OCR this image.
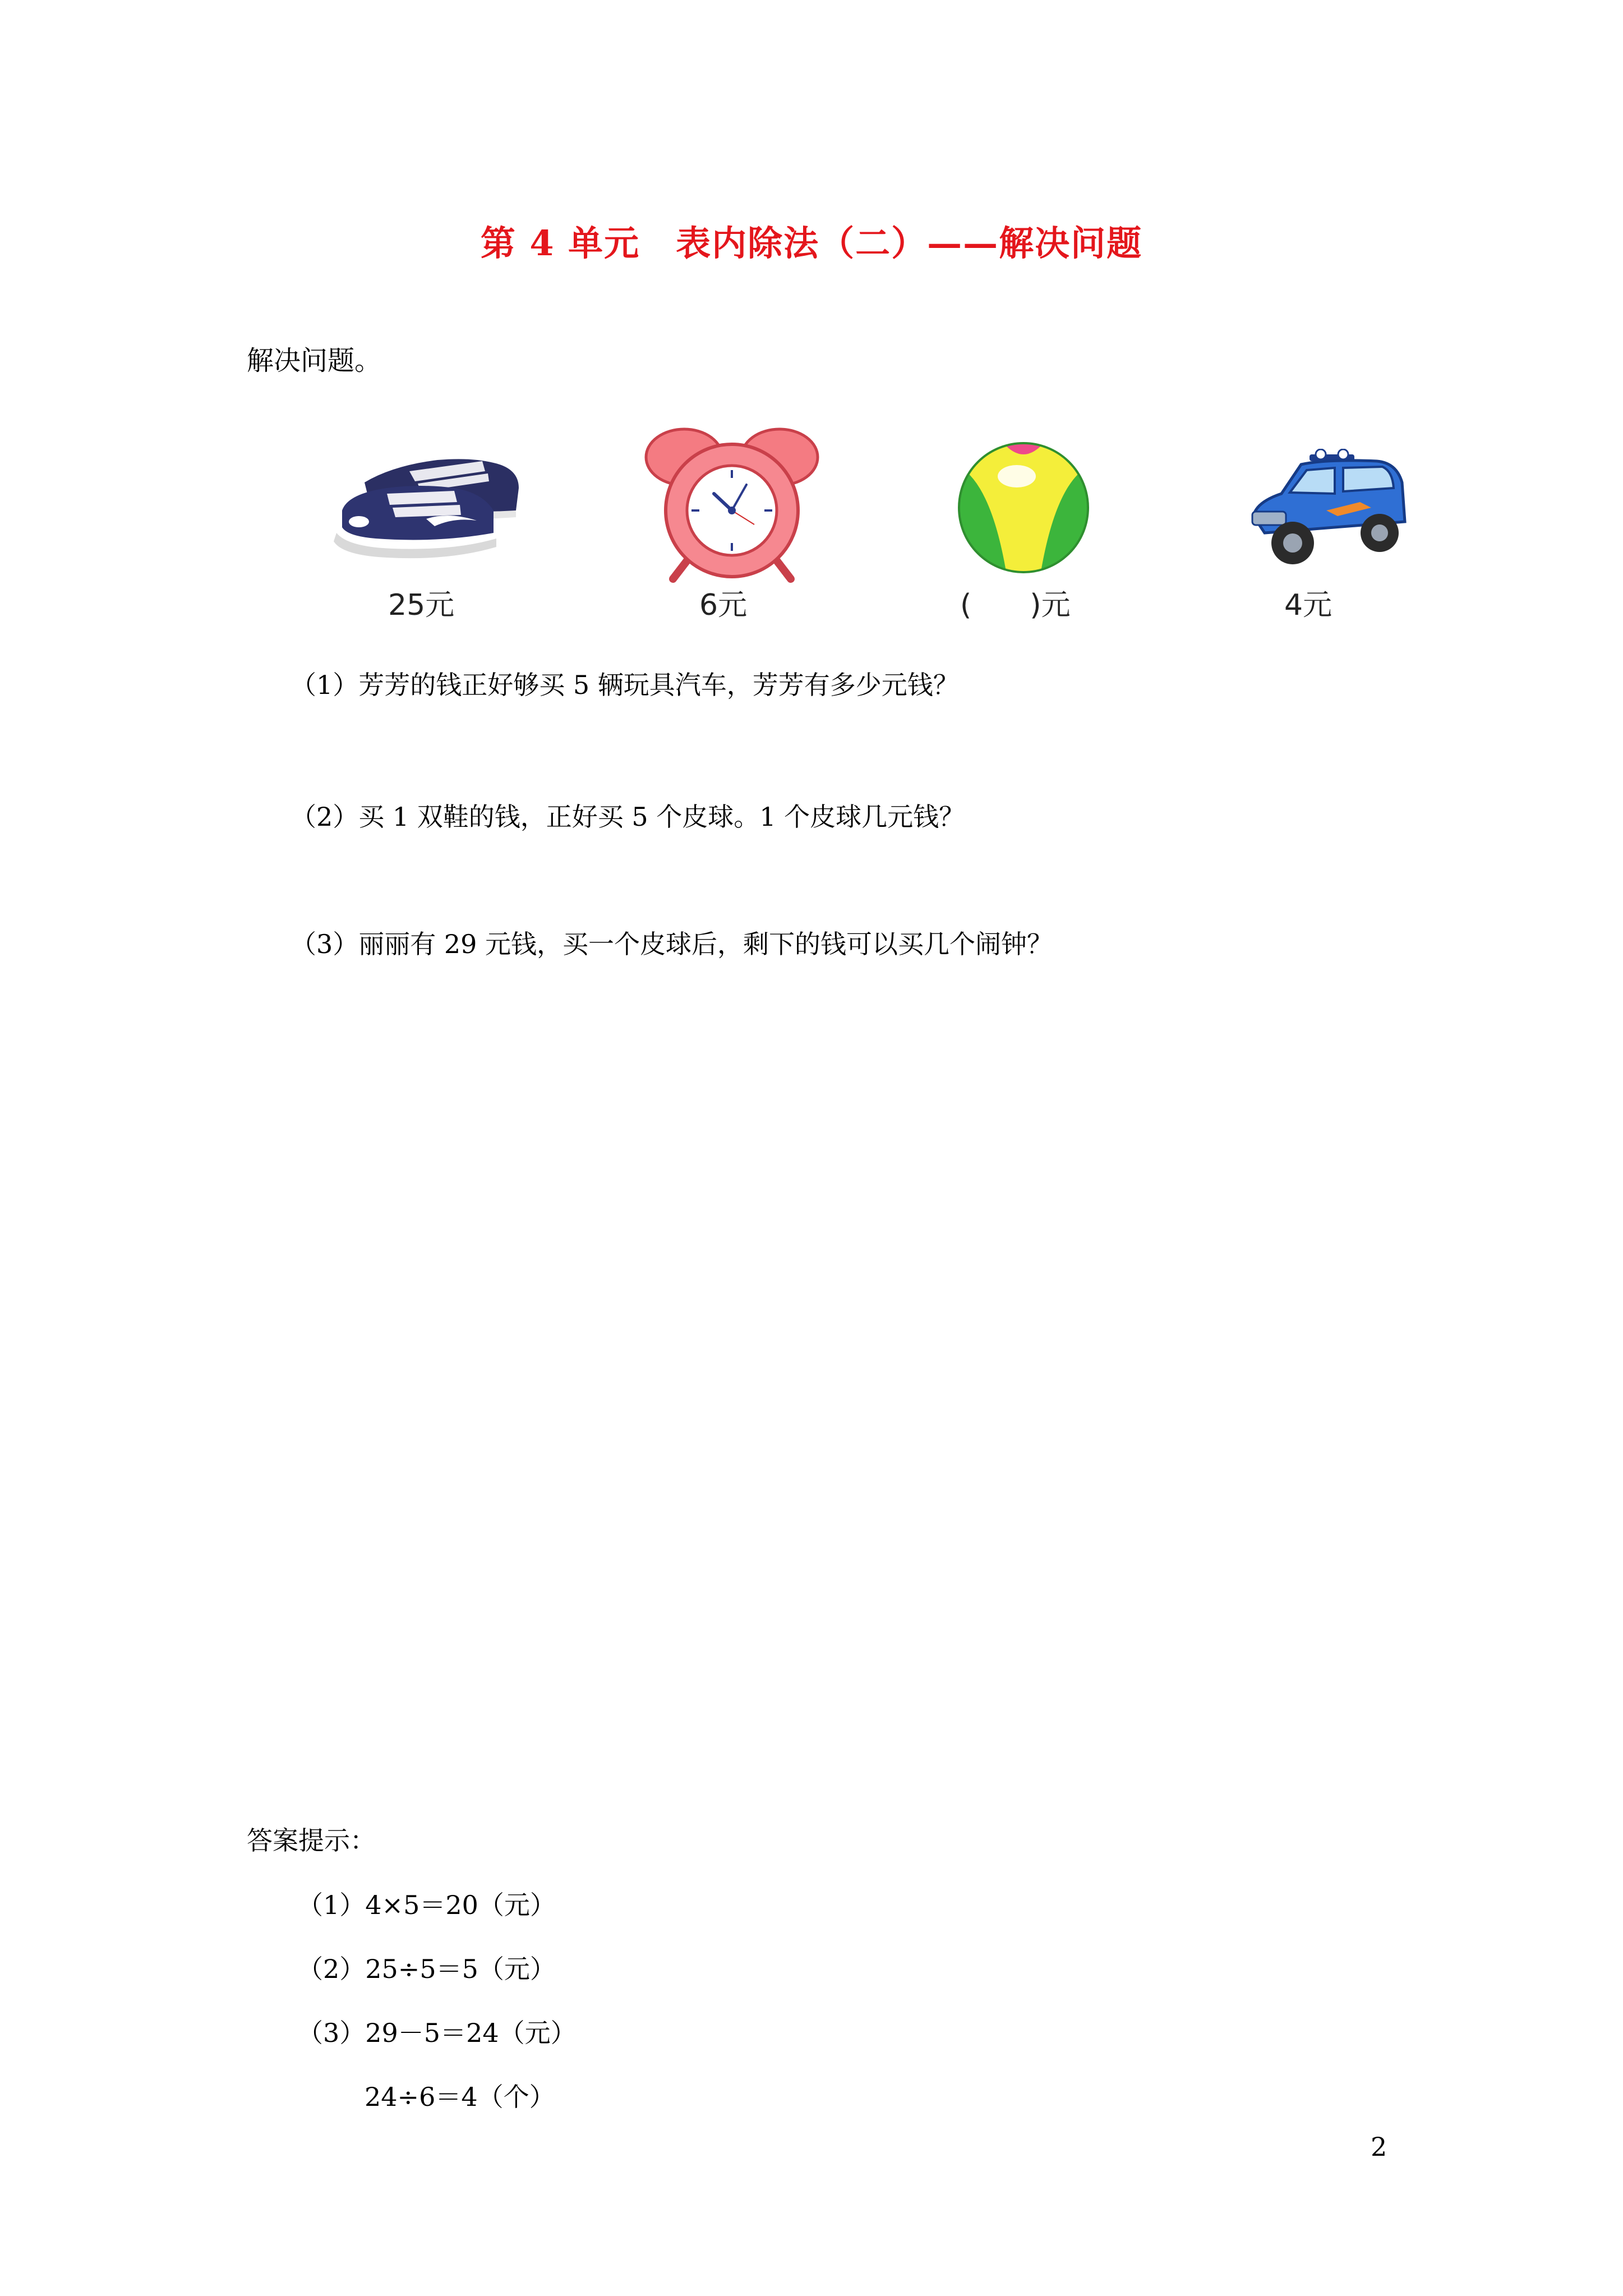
第 4 单元　表内除法（二）——解决问题
解决问题。
25元	6元	(　　)元	4元
（1）芳芳的钱正好够买 5 辆玩具汽车，芳芳有多少元钱？
（2）买 1 双鞋的钱，正好买 5 个皮球。1 个皮球几元钱？
（3）丽丽有 29 元钱，买一个皮球后，剩下的钱可以买几个闹钟？
答案提示：
（1）4×5＝20（元）
（2）25÷5＝5（元）
（3）29－5＝24（元）
24÷6＝4（个）
2
